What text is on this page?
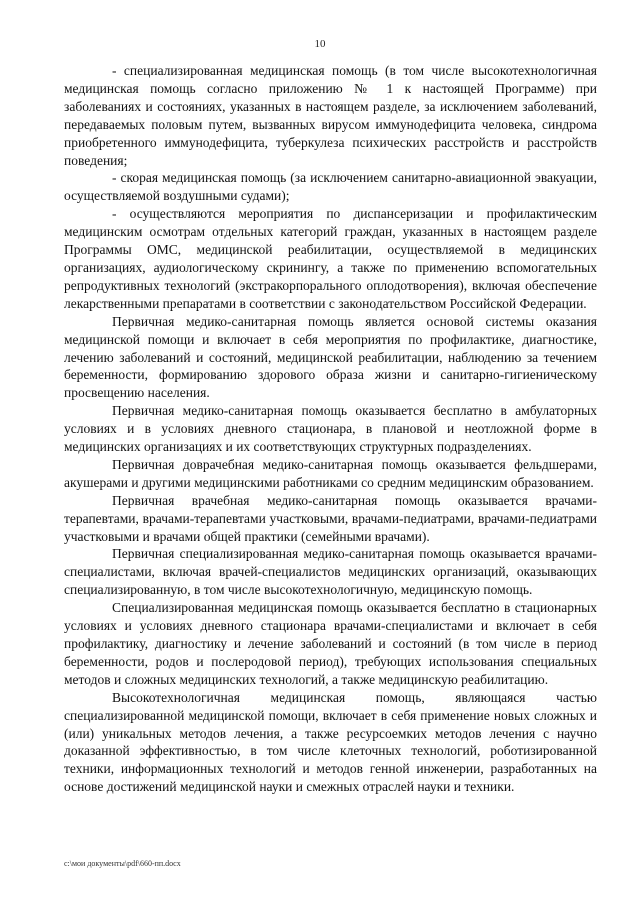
10

- специализированная медицинская помощь (в том числе высокотехнологичная медицинская помощь согласно приложению № 1 к настоящей Программе) при заболеваниях и состояниях, указанных в настоящем разделе, за исключением заболеваний, передаваемых половым путем, вызванных вирусом иммунодефицита человека, синдрома приобретенного иммунодефицита, туберкулеза психических расстройств и расстройств поведения;

- скорая медицинская помощь (за исключением санитарно-авиационной эвакуации, осуществляемой воздушными судами);

- осуществляются мероприятия по диспансеризации и профилактическим медицинским осмотрам отдельных категорий граждан, указанных в настоящем разделе Программы ОМС, медицинской реабилитации, осуществляемой в медицинских организациях, аудиологическому скринингу, а также по применению вспомогательных репродуктивных технологий (экстракорпорального оплодотворения), включая обеспечение лекарственными препаратами в соответствии с законодательством Российской Федерации.

Первичная медико-санитарная помощь является основой системы оказания медицинской помощи и включает в себя мероприятия по профилактике, диагностике, лечению заболеваний и состояний, медицинской реабилитации, наблюдению за течением беременности, формированию здорового образа жизни и санитарно-гигиеническому просвещению населения.

Первичная медико-санитарная помощь оказывается бесплатно в амбулаторных условиях и в условиях дневного стационара, в плановой и неотложной форме в медицинских организациях и их соответствующих структурных подразделениях.

Первичная доврачебная медико-санитарная помощь оказывается фельдшерами, акушерами и другими медицинскими работниками со средним медицинским образованием.

Первичная врачебная медико-санитарная помощь оказывается врачами-терапевтами, врачами-терапевтами участковыми, врачами-педиатрами, врачами-педиатрами участковыми и врачами общей практики (семейными врачами).

Первичная специализированная медико-санитарная помощь оказывается врачами-специалистами, включая врачей-специалистов медицинских организаций, оказывающих специализированную, в том числе высокотехнологичную, медицинскую помощь.

Специализированная медицинская помощь оказывается бесплатно в стационарных условиях и условиях дневного стационара врачами-специалистами и включает в себя профилактику, диагностику и лечение заболеваний и состояний (в том числе в период беременности, родов и послеродовой период), требующих использования специальных методов и сложных медицинских технологий, а также медицинскую реабилитацию.

Высокотехнологичная медицинская помощь, являющаяся частью специализированной медицинской помощи, включает в себя применение новых сложных и (или) уникальных методов лечения, а также ресурсоемких методов лечения с научно доказанной эффективностью, в том числе клеточных технологий, роботизированной техники, информационных технологий и методов генной инженерии, разработанных на основе достижений медицинской науки и смежных отраслей науки и техники.

c:\мои документы\pdf\660-пп.docx
